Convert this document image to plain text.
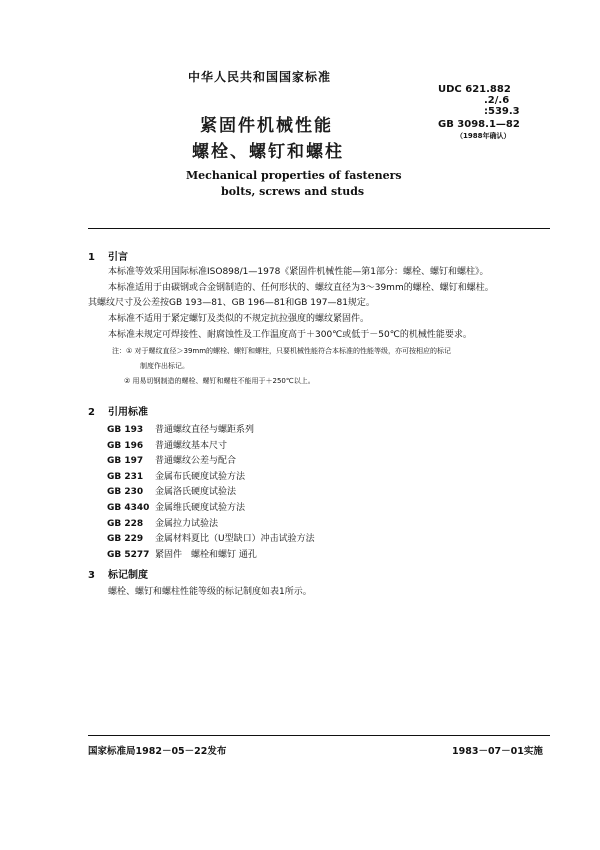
中华人民共和国国家标准
UDC 621.882
.2/.6
:539.3
GB 3098.1—82
（1988年确认）
紧固件机械性能
螺栓、螺钉和螺柱
Mechanical properties of fasteners
bolts, screws and studs
1 引言
本标准等效采用国际标准ISO898/1—1978《紧固件机械性能—第1部分：螺栓、螺钉和螺柱》。
本标准适用于由碳钢或合金钢制造的、任何形状的、螺纹直径为3～39mm的螺栓、螺钉和螺柱。
其螺纹尺寸及公差按GB 193—81、GB 196—81和GB 197—81规定。
本标准不适用于紧定螺钉及类似的不规定抗拉强度的螺纹紧固件。
本标准未规定可焊接性、耐腐蚀性及工作温度高于＋300℃或低于－50℃的机械性能要求。
注：① 对于螺纹直径＞39mm的螺栓、螺钉和螺柱，只要机械性能符合本标准的性能等级，亦可按相应的标记
制度作出标记。
② 用易切钢制造的螺栓、螺钉和螺柱不能用于＋250℃以上。
2 引用标准
GB 193 普通螺纹直径与螺距系列
GB 196 普通螺纹基本尺寸
GB 197 普通螺纹公差与配合
GB 231 金属布氏硬度试验方法
GB 230 金属洛氏硬度试验法
GB 4340 金属维氏硬度试验方法
GB 228 金属拉力试验法
GB 229 金属材料夏比（U型缺口）冲击试验方法
GB 5277 紧固件　螺栓和螺钉 通孔
3 标记制度
螺栓、螺钉和螺柱性能等级的标记制度如表1所示。
国家标准局1982－05－22发布	1983－07－01实施
